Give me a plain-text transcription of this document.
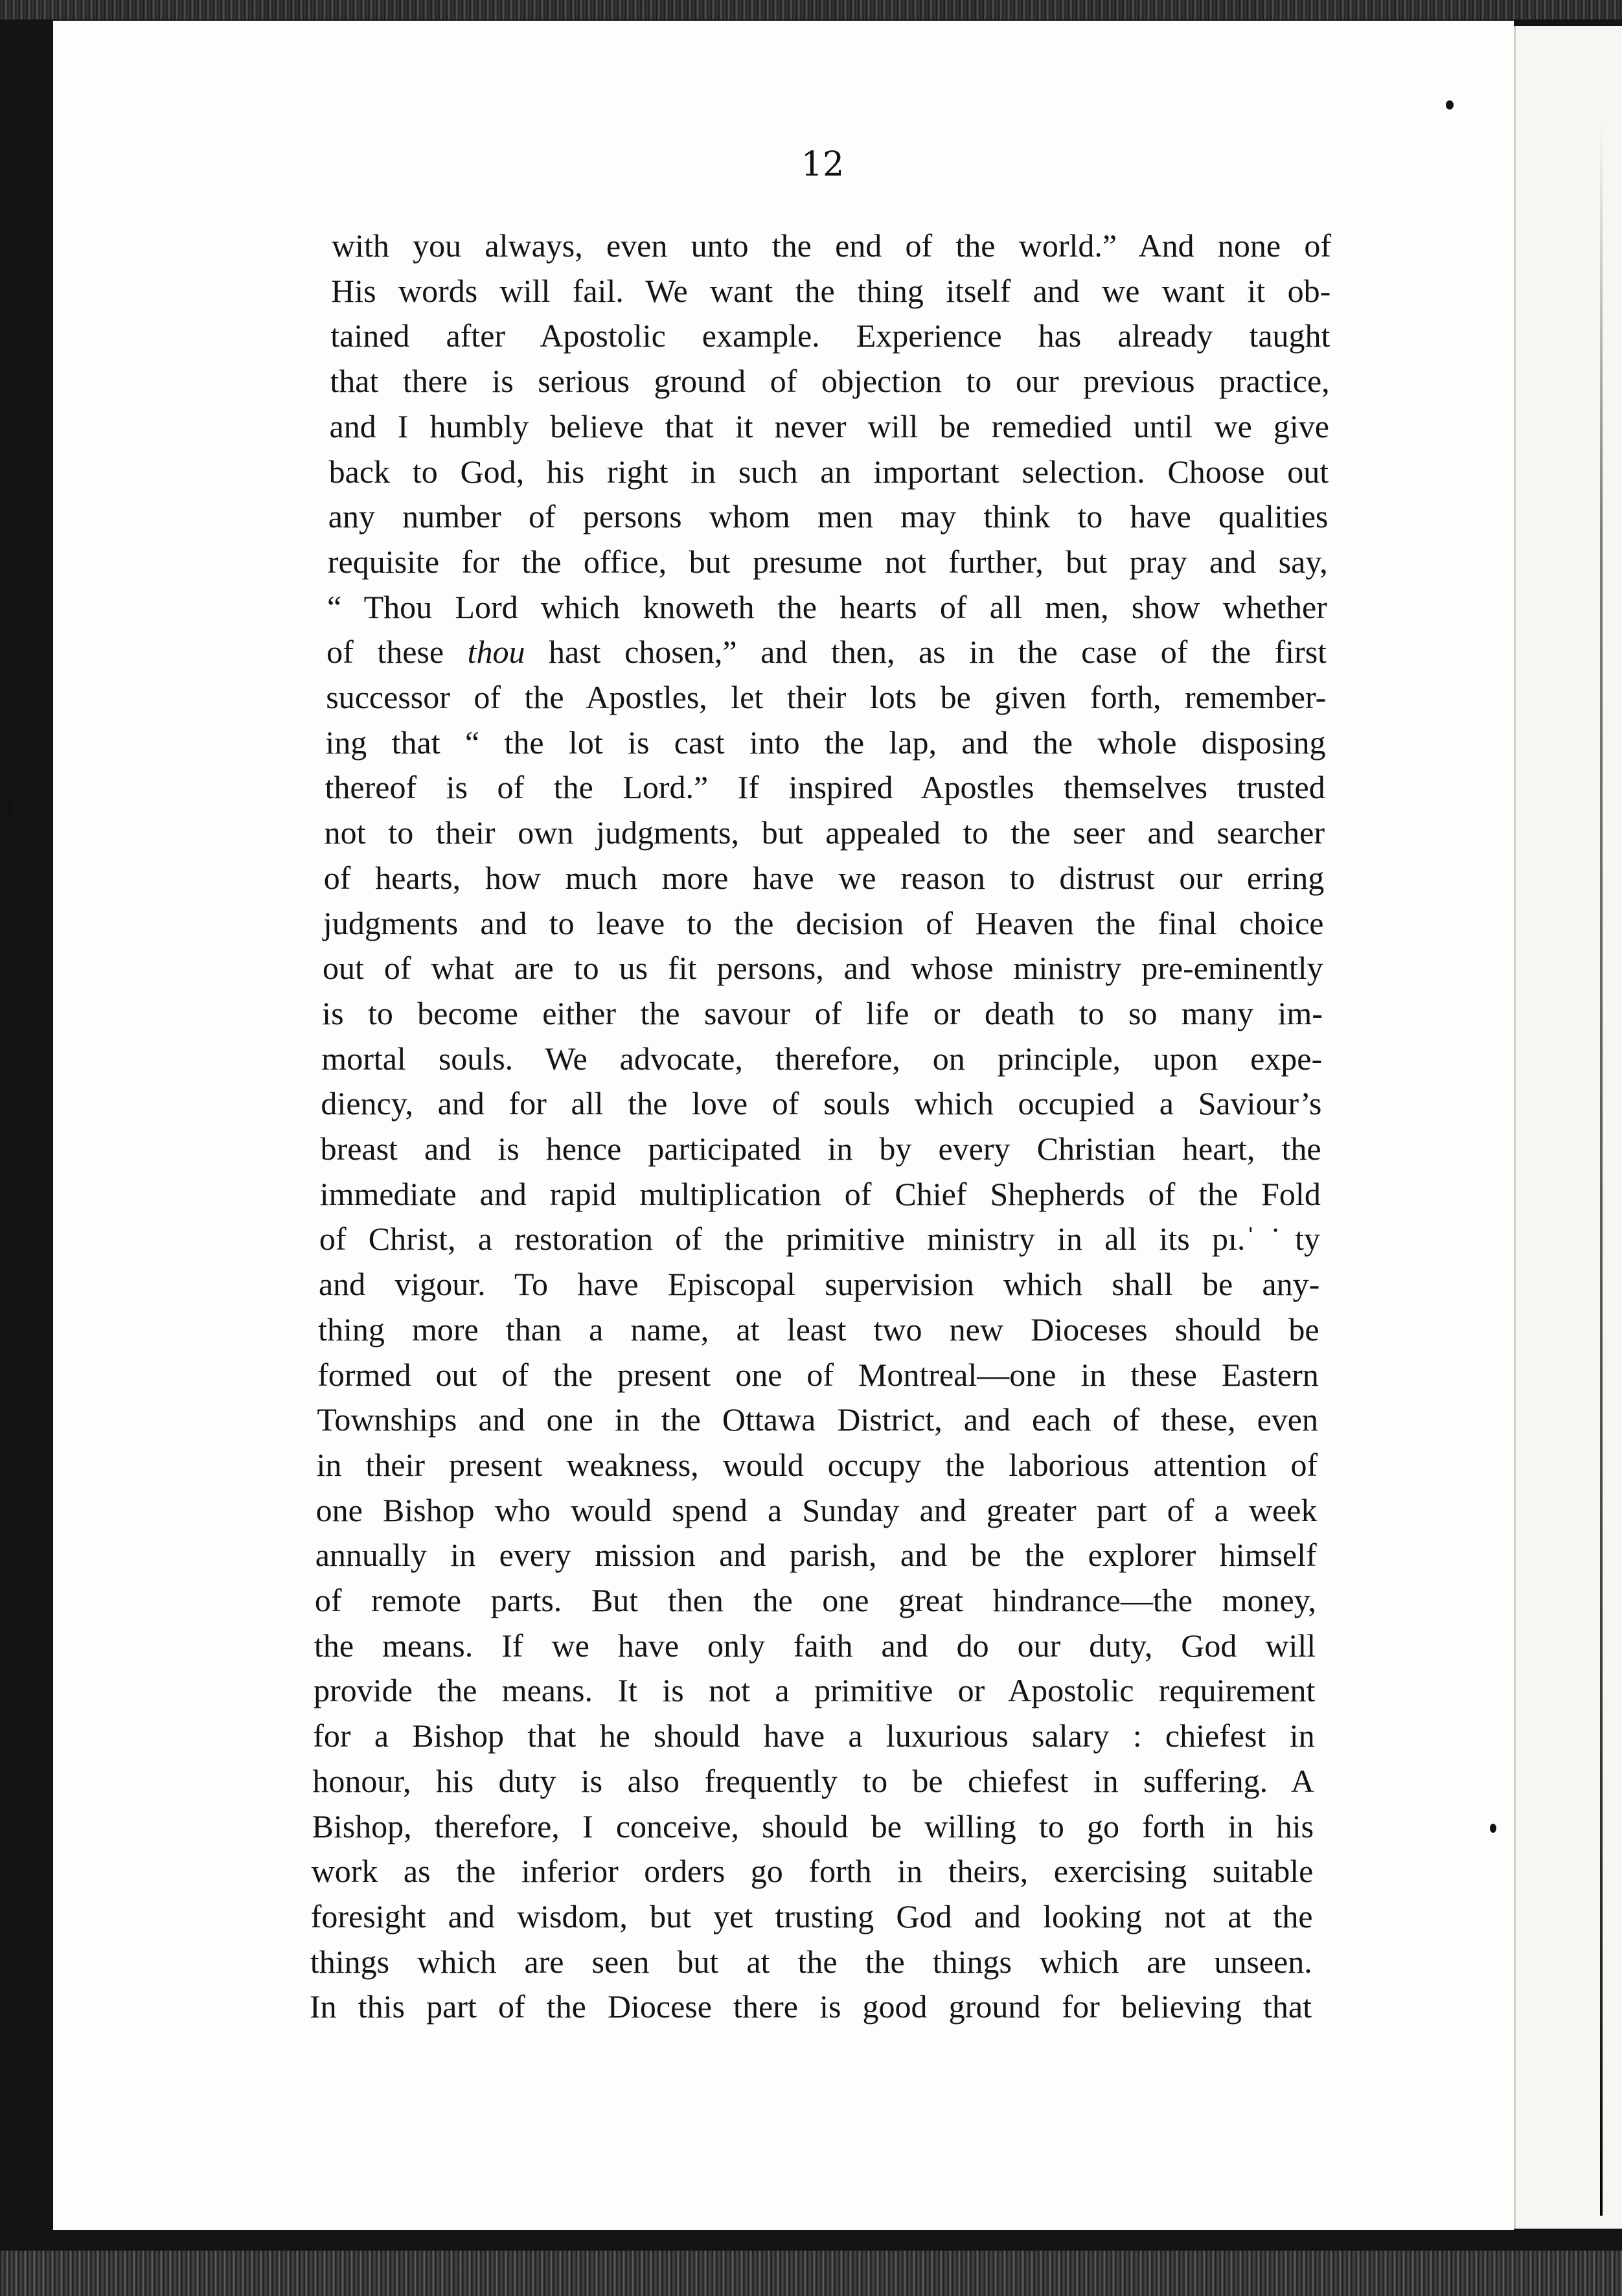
12
with you always, even unto the end of the world.” And none of
His words will fail. We want the thing itself and we want it ob-
tained after Apostolic example. Experience has already taught
that there is serious ground of objection to our previous practice,
and I humbly believe that it never will be remedied until we give
back to God, his right in such an important selection. Choose out
any number of persons whom men may think to have qualities
requisite for the office, but presume not further, but pray and say,
“ Thou Lord which knoweth the hearts of all men, show whether
of these thou hast chosen,” and then, as in the case of the first
successor of the Apostles, let their lots be given forth, remember-
ing that “ the lot is cast into the lap, and the whole disposing
thereof is of the Lord.” If inspired Apostles themselves trusted
not to their own judgments, but appealed to the seer and searcher
of hearts, how much more have we reason to distrust our erring
judgments and to leave to the decision of Heaven the final choice
out of what are to us fit persons, and whose ministry pre-eminently
is to become either the savour of life or death to so many im-
mortal souls. We advocate, therefore, on principle, upon expe-
diency, and for all the love of souls which occupied a Saviour’s
breast and is hence participated in by every Christian heart, the
immediate and rapid multiplication of Chief Shepherds of the Fold
of Christ, a restoration of the primitive ministry in all its pı.ˈ˙ty
and vigour. To have Episcopal supervision which shall be any-
thing more than a name, at least two new Dioceses should be
formed out of the present one of Montreal—one in these Eastern
Townships and one in the Ottawa District, and each of these, even
in their present weakness, would occupy the laborious attention of
one Bishop who would spend a Sunday and greater part of a week
annually in every mission and parish, and be the explorer himself
of remote parts. But then the one great hindrance—the money,
the means. If we have only faith and do our duty, God will
provide the means. It is not a primitive or Apostolic requirement
for a Bishop that he should have a luxurious salary : chiefest in
honour, his duty is also frequently to be chiefest in suffering. A
Bishop, therefore, I conceive, should be willing to go forth in his
work as the inferior orders go forth in theirs, exercising suitable
foresight and wisdom, but yet trusting God and looking not at the
things which are seen but at the the things which are unseen.
In this part of the Diocese there is good ground for believing that
